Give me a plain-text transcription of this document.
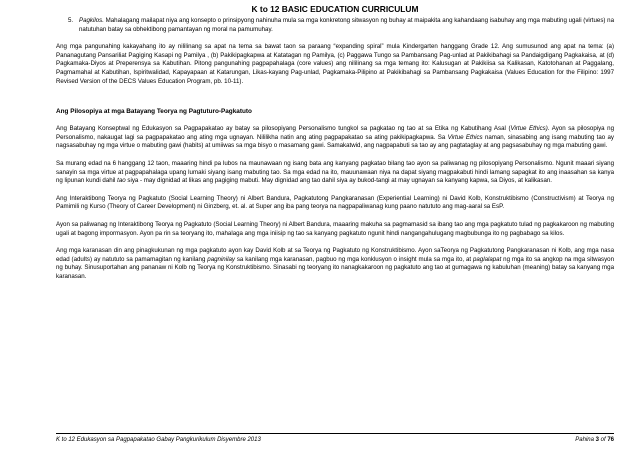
K to 12 BASIC EDUCATION CURRICULUM
5. Pagkilos. Mahalagang mailapat niya ang konsepto o prinsipyong nahinuha mula sa mga konkretong sitwasyon ng buhay at maipakita ang kahandaang isabuhay ang mga mabuting ugali (virtues) na natutuhan batay sa obhektibong pamantayan ng moral na pamumuhay.

Ang mga pangunahing kakayahang ito ay nililinang sa apat na tema sa bawat taon sa paraang “expanding spiral” mula Kindergarten hanggang Grade 12. Ang sumusunod ang apat na tema: (a) Pananagutang Pansariliat Pagiging Kasapi ng Pamilya , (b) Pakikipagkapwa at Katatagan ng Pamilya, (c) Paggawa Tungo sa Pambansang Pag-unlad at Pakikibahagi sa Pandaigdigang Pagkakaisa, at (d) Pagkamaka-Diyos at Preperensya sa Kabutihan. Pitong pangunahing pagpapahalaga (core values) ang nililinang sa mga temang ito: Kalusugan at Pakikiisa sa Kalikasan, Katotohanan at Paggalang, Pagmamahal at Kabutihan, Ispiritwalidad, Kapayapaan at Katarungan, Likas-kayang Pag-unlad, Pagkamaka-Pilipino at Pakikibahagi sa Pambansang Pagkakaisa (Values Education for the Filipino: 1997 Revised Version of the DECS Values Education Program, pb. 10-11).

Ang Pilosopiya at mga Batayang Teorya ng Pagtuturo-Pagkatuto

Ang Batayang Konseptwal ng Edukasyon sa Pagpapakatao ay batay sa pilosopiyang Personalismo tungkol sa pagkatao ng tao at sa Etika ng Kabutihang Asal (Virtue Ethics). Ayon sa pilosopiya ng Personalismo, nakaugat lagi sa pagpapakatao ang ating mga ugnayan. Nililikha natin ang ating pagpapakatao sa ating pakikipagkapwa. Sa Virtue Ethics naman, sinasabing ang isang mabuting tao ay nagsasabuhay ng mga virtue o mabuting gawi (habits) at umiiwas sa mga bisyo o masamang gawi. Samakatwid, ang nagpapabuti sa tao ay ang pagtataglay at ang pagsasabuhay ng mga mabuting gawi.

Sa murang edad na 6 hanggang 12 taon, maaaring hindi pa lubos na maunawaan ng isang bata ang kanyang pagkatao bilang tao ayon sa paliwanag ng pilosopiyang Personalismo. Ngunit maaari siyang sanayin sa mga virtue at pagpapahalaga upang lumaki siyang isang mabuting tao. Sa mga edad na ito, mauunawaan niya na dapat siyang magpakabuti hindi lamang sapagkat ito ang inaasahan sa kanya ng lipunan kundi dahil tao siya - may dignidad at likas ang pagiging mabuti. May dignidad ang tao dahil siya ay bukod-tangi at may ugnayan sa kanyang kapwa, sa Diyos, at kalikasan.

Ang Interaktibong Teorya ng Pagkatuto (Social Learning Theory) ni Albert Bandura, Pagkatutong Pangkaranasan (Experiential Learning) ni David Kolb, Konstruktibismo (Constructivism) at Teorya ng Pamimili ng Kurso (Theory of Career Development) ni Ginzberg, et. al. at Super ang iba pang teorya na nagpapaliwanag kung paano natututo ang mag-aaral sa EsP.

Ayon sa paliwanag ng Interaktibong Teorya ng Pagkatuto (Social Learning Theory) ni Albert Bandura, maaaring makuha sa pagmamasid sa ibang tao ang mga pagkatuto tulad ng pagkakaroon ng mabuting ugali at bagong impormasyon. Ayon pa rin sa teoryang ito, mahalaga ang mga iniisip ng tao sa kanyang pagkatuto ngunit hindi nangangahulugang magbubunga ito ng pagbabago sa kilos.

Ang mga karanasan din ang pinagkukunan ng mga pagkatuto ayon kay David Kolb at sa Teorya ng Pagkatuto ng Konstruktibismo. Ayon saTeorya ng Pagkatutong Pangkaranasan ni Kolb, ang mga nasa edad (adults) ay natututo sa pamamagitan ng kanilang pagninilay sa kanilang mga karanasan, pagbuo ng mga konklusyon o insight mula sa mga ito, at paglalapat ng mga ito sa angkop na mga sitwasyon ng buhay. Sinusuportahan ang pananaw ni Kolb ng Teorya ng Konstruktibismo. Sinasabi ng teoryang ito nanagkakaroon ng pagkatuto ang tao at gumagawa ng kabuluhan (meaning) batay sa kanyang mga karanasan.

K to 12 Edukasyon sa Pagpapakatao Gabay Pangkurikulum Disyembre 2013	Pahina 3 of 76
